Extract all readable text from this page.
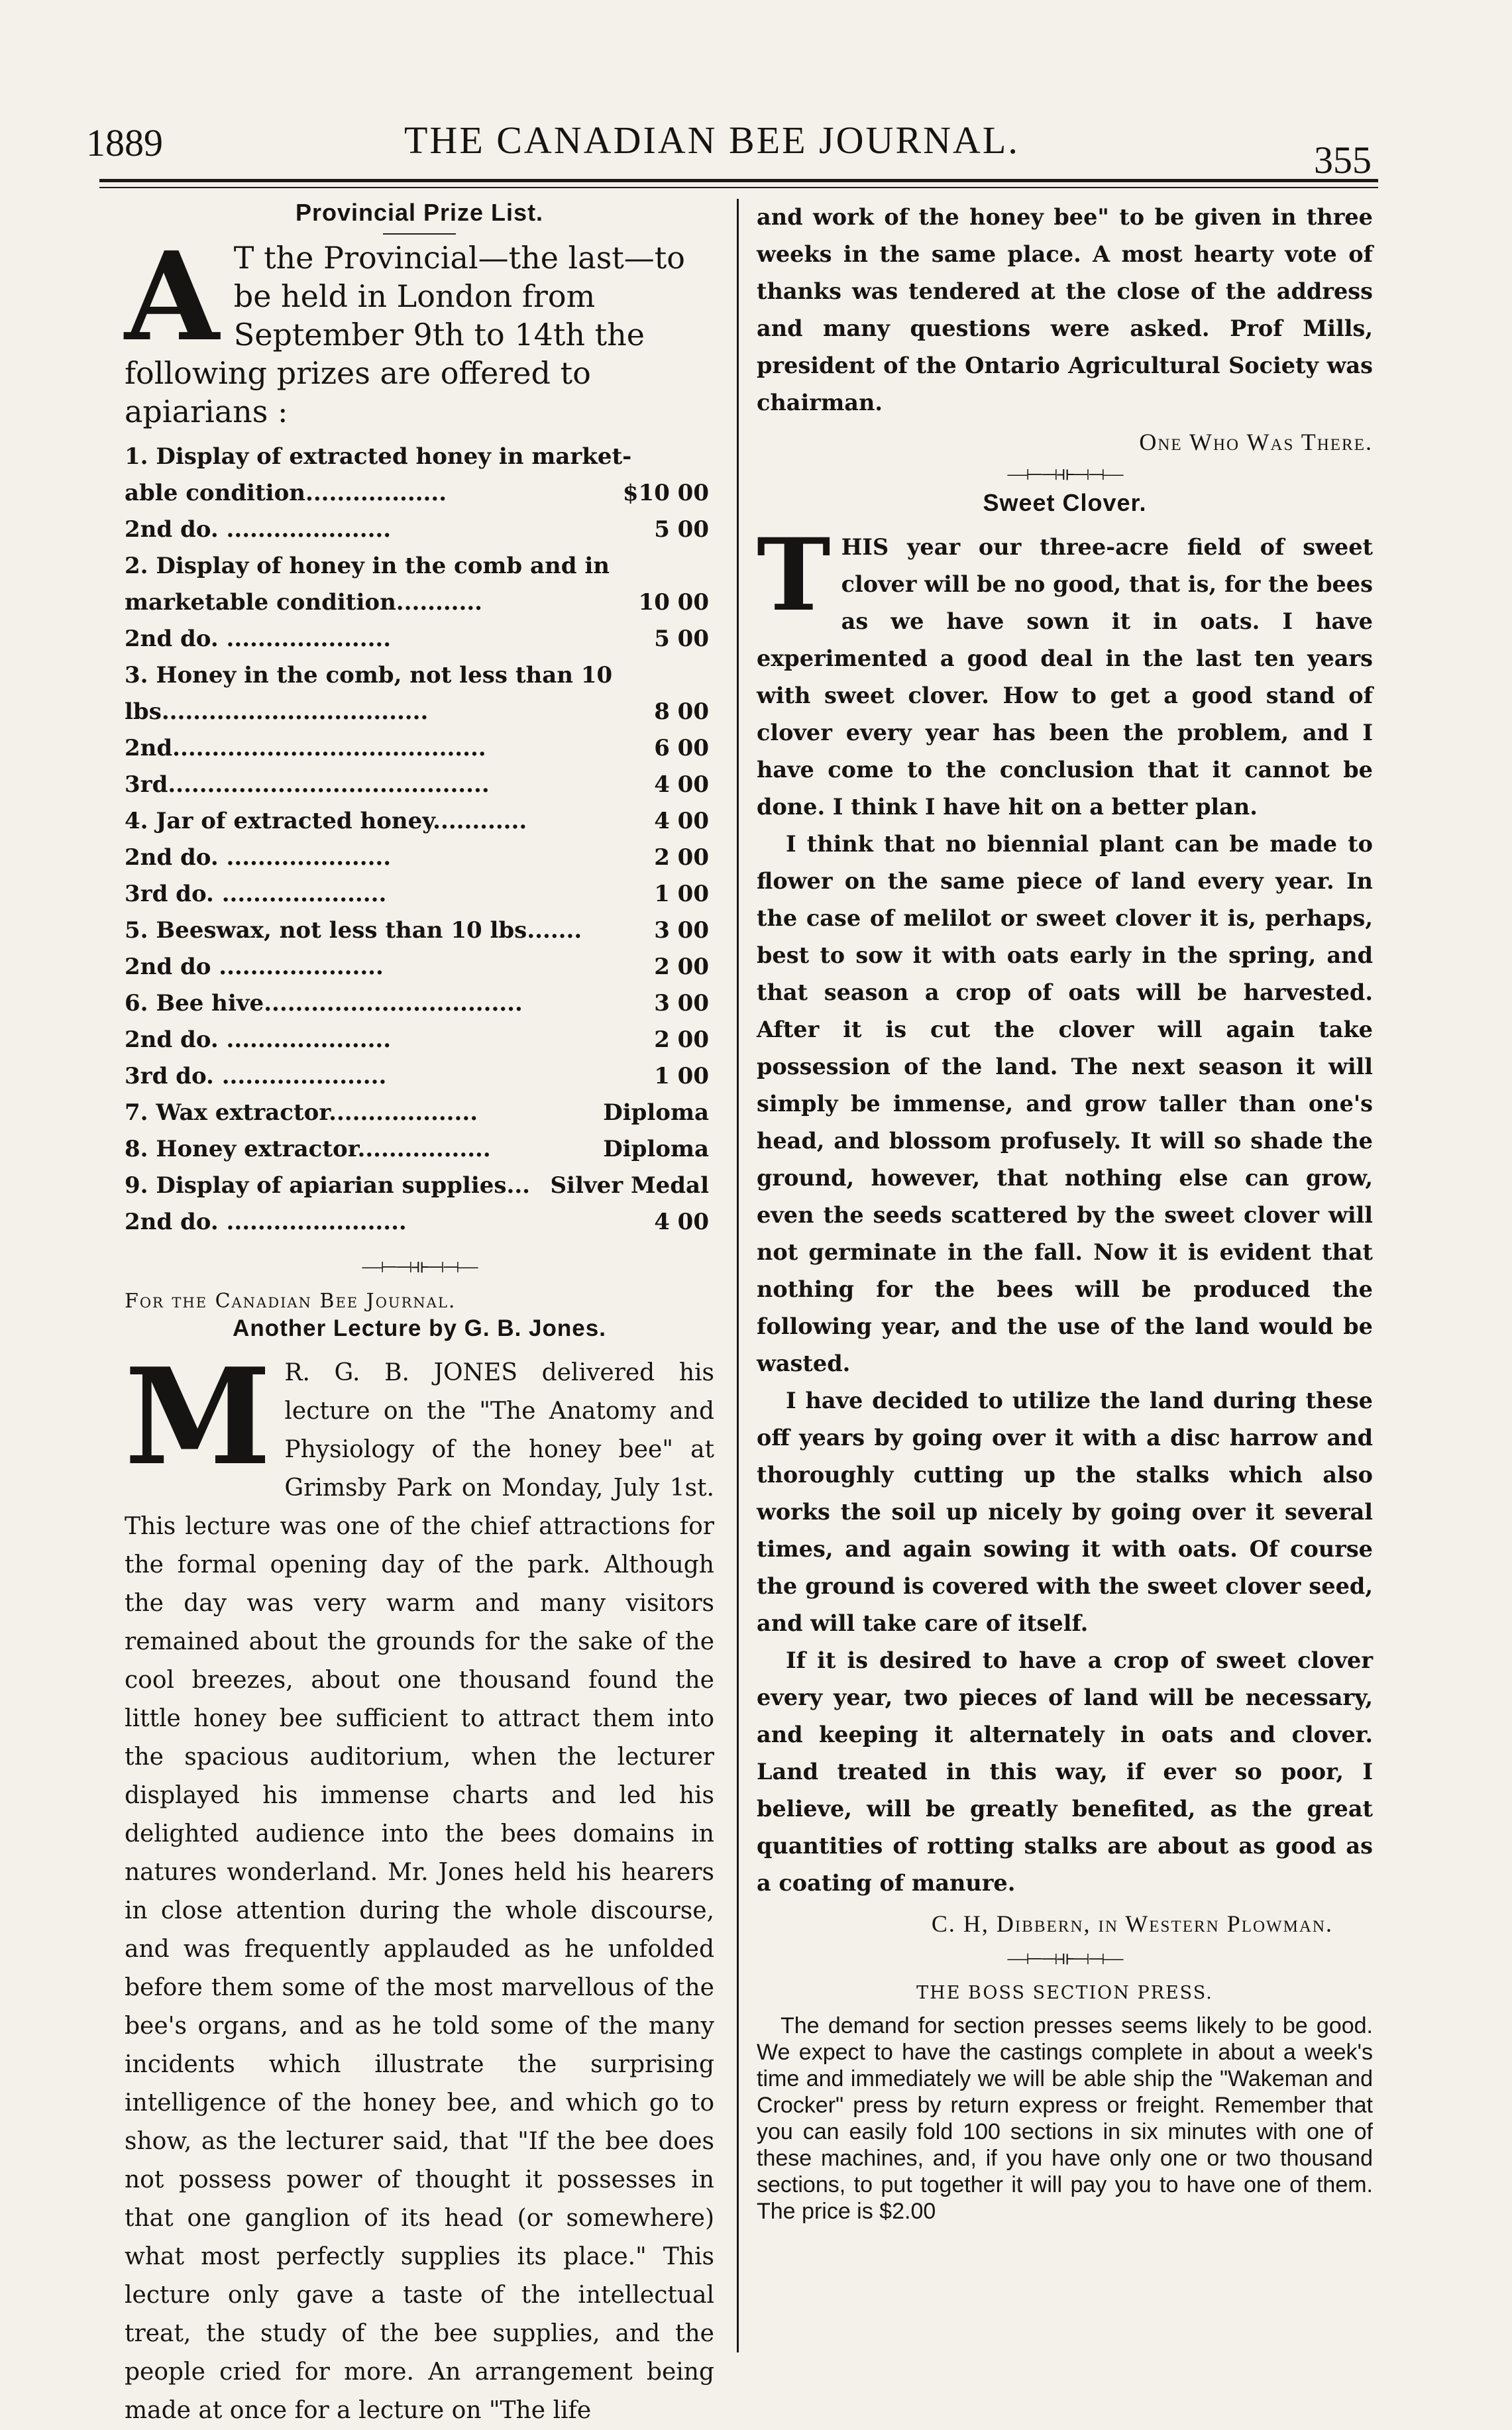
1889	THE CANADIAN BEE JOURNAL.	355
Provincial Prize List.

A T the Provincial—the last—to be held in London from September 9th to 14th the following prizes are offered to apiarians :

1. Display of extracted honey in market-
able condition..................	$10 00
2nd do. .....................	5 00
2. Display of honey in the comb and in
marketable condition...........	10 00
2nd do. .....................	5 00
3. Honey in the comb, not less than 10
lbs..................................	8 00
2nd........................................	6 00
3rd.........................................	4 00
4. Jar of extracted honey............	4 00
2nd do. .....................	2 00
3rd do. .....................	1 00
5. Beeswax, not less than 10 lbs.......	3 00
2nd do .....................	2 00
6. Bee hive.................................	3 00
2nd do. .....................	2 00
3rd do. .....................	1 00
7. Wax extractor...................	Diploma
8. Honey extractor.................	Diploma
9. Display of apiarian supplies... Silver Medal
2nd do. .......................	4 00
—⟝⟞⟛⟞⟞—

For the Canadian Bee Journal.

Another Lecture by G. B. Jones.

M R. G. B. JONES delivered his lecture on the "The Anatomy and Physiology of the honey bee" at Grimsby Park on Monday, July 1st. This lecture was one of the chief attractions for the formal opening day of the park. Although the day was very warm and many visitors remained about the grounds for the sake of the cool breezes, about one thousand found the little honey bee sufficient to attract them into the spacious auditorium, when the lecturer displayed his immense charts and led his delighted audience into the bees domains in natures wonderland. Mr. Jones held his hearers in close attention during the whole discourse, and was frequently applauded as he unfolded before them some of the most marvellous of the bee's organs, and as he told some of the many incidents which illustrate the surprising intelligence of the honey bee, and which go to show, as the lecturer said, that "If the bee does not possess power of thought it possesses in that one ganglion of its head (or somewhere) what most perfectly supplies its place." This lecture only gave a taste of the intellectual treat, the study of the bee supplies, and the people cried for more. An arrangement being made at once for a lecture on "The life

and work of the honey bee" to be given in three weeks in the same place. A most hearty vote of thanks was tendered at the close of the address and many questions were asked. Prof Mills, president of the Ontario Agricultural Society was chairman.

One Who Was There.
—⟝⟞⟛⟞⟞—
Sweet Clover.

THIS year our three-acre field of sweet clover will be no good, that is, for the bees as we have sown it in oats. I have experimented a good deal in the last ten years with sweet clover. How to get a good stand of clover every year has been the problem, and I have come to the conclusion that it cannot be done. I think I have hit on a better plan.

I think that no biennial plant can be made to flower on the same piece of land every year. In the case of melilot or sweet clover it is, perhaps, best to sow it with oats early in the spring, and that season a crop of oats will be harvested. After it is cut the clover will again take possession of the land. The next season it will simply be immense, and grow taller than one's head, and blossom profusely. It will so shade the ground, however, that nothing else can grow, even the seeds scattered by the sweet clover will not germinate in the fall. Now it is evident that nothing for the bees will be produced the following year, and the use of the land would be wasted.

I have decided to utilize the land during these off years by going over it with a disc harrow and thoroughly cutting up the stalks which also works the soil up nicely by going over it several times, and again sowing it with oats. Of course the ground is covered with the sweet clover seed, and will take care of itself.

If it is desired to have a crop of sweet clover every year, two pieces of land will be necessary, and keeping it alternately in oats and clover. Land treated in this way, if ever so poor, I believe, will be greatly benefited, as the great quantities of rotting stalks are about as good as a coating of manure.

C. H, Dibbern, in Western Plowman.
—⟝⟞⟛⟞⟞—
THE BOSS SECTION PRESS.

The demand for section presses seems likely to be good. We expect to have the castings complete in about a week's time and immediately we will be able ship the "Wakeman and Crocker" press by return express or freight. Remember that you can easily fold 100 sections in six minutes with one of these machines, and, if you have only one or two thousand sections, to put together it will pay you to have one of them. The price is $2.00
